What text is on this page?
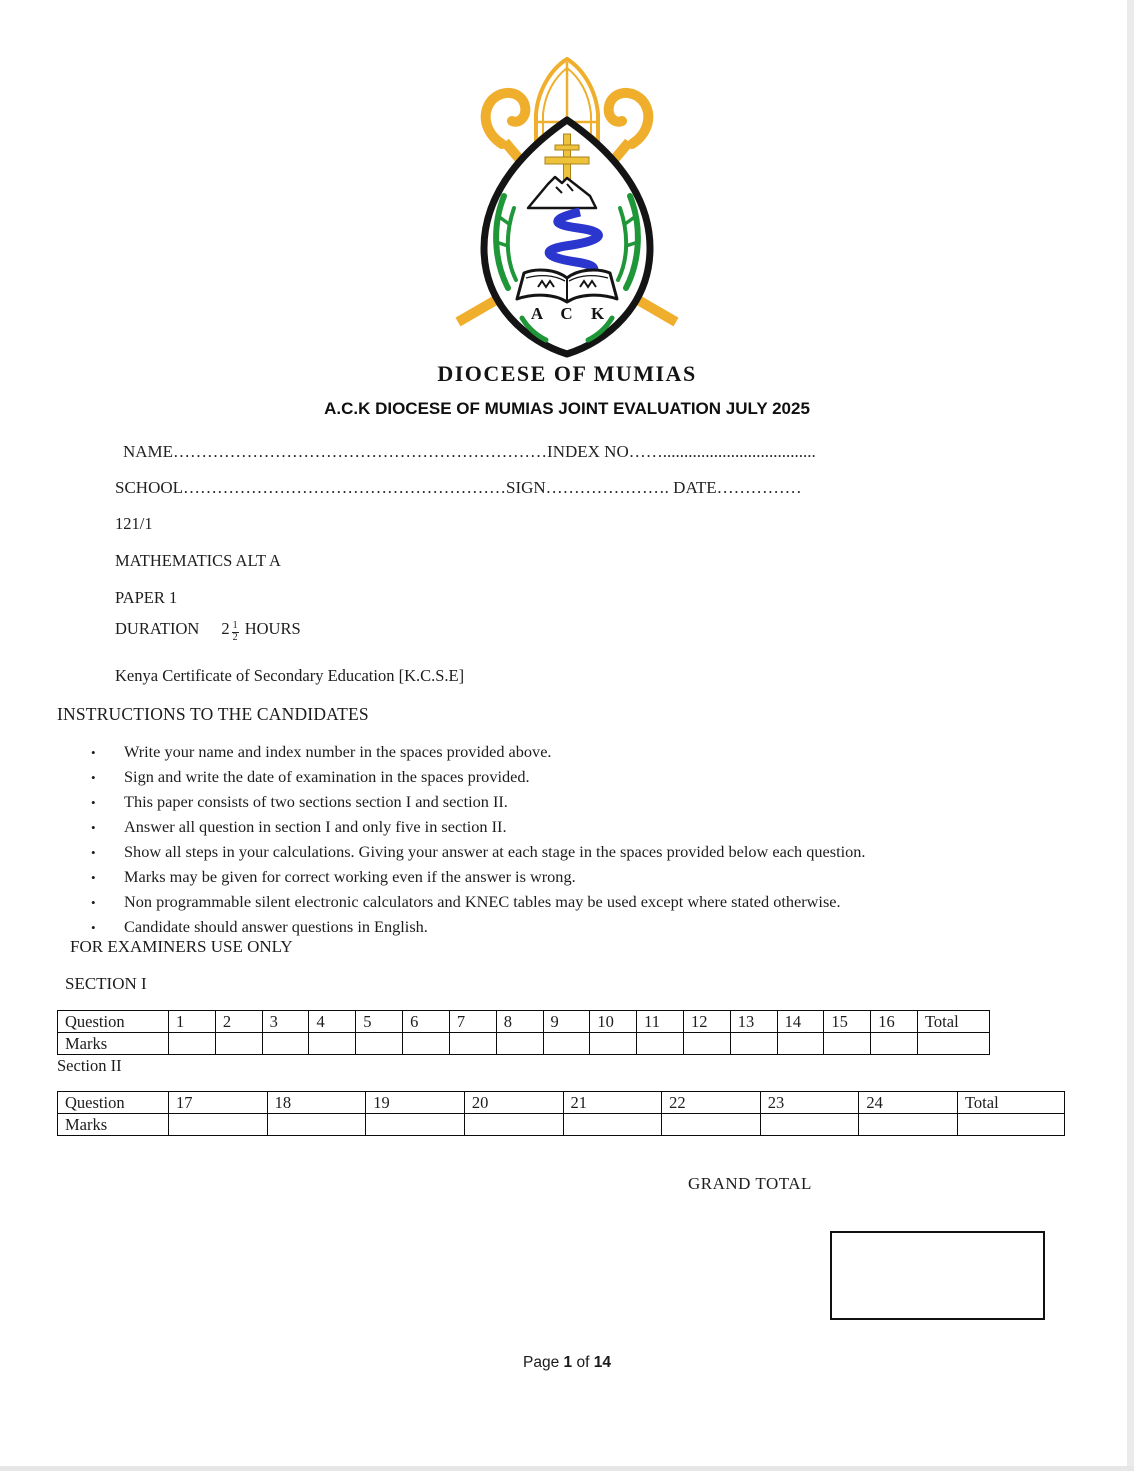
A C K
DIOCESE OF MUMIAS
A.C.K DIOCESE OF MUMIAS JOINT EVALUATION JULY 2025
NAME…………………………………………………………INDEX NO……....................................
SCHOOL…………………………………………………SIGN…………………. DATE……………
121/1
MATHEMATICS ALT A
PAPER 1
DURATION $2 \frac{1}{2}$ HOURS
Kenya Certificate of Secondary Education [K.C.S.E]
INSTRUCTIONS TO THE CANDIDATES
•	Write your name and index number in the spaces provided above.
•	Sign and write the date of examination in the spaces provided.
•	This paper consists of two sections section I and section II.
•	Answer all question in section I and only five in section II.
•	Show all steps in your calculations. Giving your answer at each stage in the spaces provided below each question.
•	Marks may be given for correct working even if the answer is wrong.
•	Non programmable silent electronic calculators and KNEC tables may be used except where stated otherwise.
•	Candidate should answer questions in English.
FOR EXAMINERS USE ONLY
SECTION I
Question	1	2	3	4	5	6	7	8	9	10	11	12	13	14	15	16	Total
Marks																	
Section II
Question	17	18	19	20	21	22	23	24	Total
Marks									
GRAND TOTAL
Page 1 of 14
